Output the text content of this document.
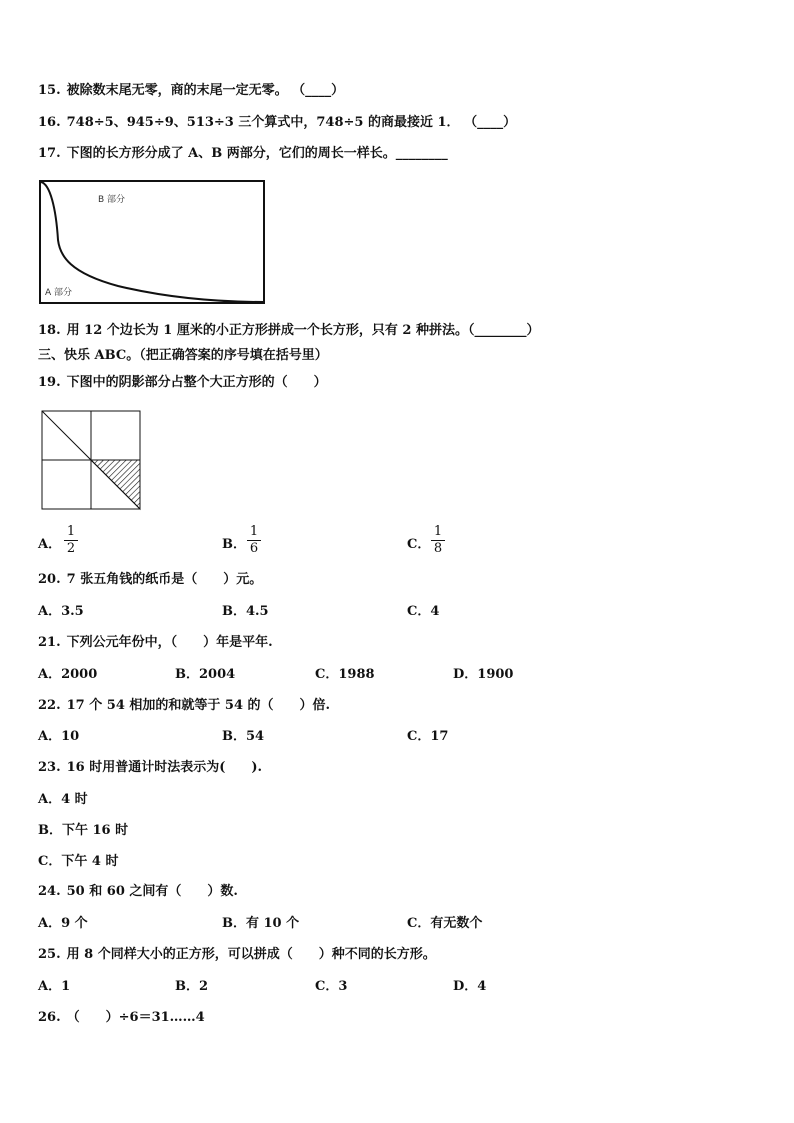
15. 被除数末尾无零，商的末尾一定无零。 （____）
16. 748÷5、945÷9、513÷3 三个算式中，748÷5 的商最接近 1． （____）
17. 下图的长方形分成了 A、B 两部分，它们的周长一样长。________
B 部分
A 部分
18. 用 12 个边长为 1 厘米的小正方形拼成一个长方形，只有 2 种拼法。（________）
三、快乐 ABC。（把正确答案的序号填在括号里）
19. 下图中的阴影部分占整个大正方形的（　　）
A．
1
2	B．
1
6	C．
1
8
20. 7 张五角钱的纸币是（　　）元。
A．3.5	B．4.5	C．4
21. 下列公元年份中，（　　）年是平年.
A．2000	B．2004	C．1988	D．1900
22. 17 个 54 相加的和就等于 54 的（　　）倍.
A．10	B．54	C．17
23. 16 时用普通计时法表示为(　　).
A．4 时
B．下午 16 时
C．下午 4 时
24. 50 和 60 之间有（　　）数.
A．9 个	B．有 10 个	C．有无数个
25. 用 8 个同样大小的正方形，可以拼成（　　）种不同的长方形。
A．1	B．2	C．3	D．4
26. （　　）÷6＝31……4
